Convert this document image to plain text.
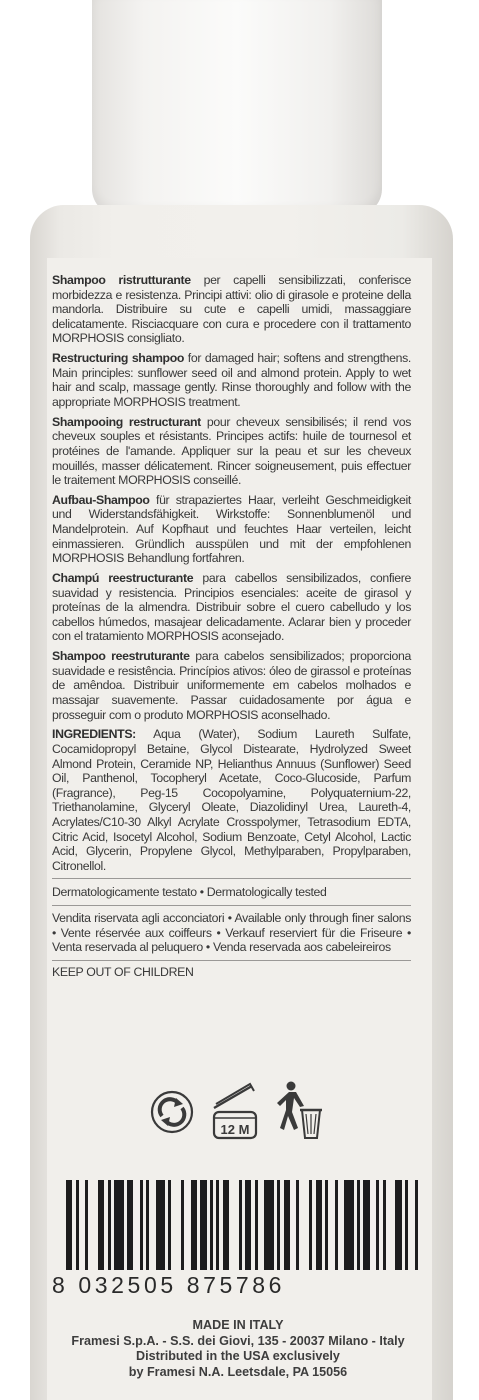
Shampoo ristrutturante per capelli sensibilizzati, conferisce morbidezza e resistenza. Principi attivi: olio di girasole e proteine della mandorla. Distribuire su cute e capelli umidi, massaggiare delicatamente. Risciacquare con cura e procedere con il trattamento MORPHOSIS consigliato.

Restructuring shampoo for damaged hair; softens and strengthens. Main principles: sunflower seed oil and almond protein. Apply to wet hair and scalp, massage gently. Rinse thoroughly and follow with the appropriate MORPHOSIS treatment.

Shampooing restructurant pour cheveux sensibilisés; il rend vos cheveux souples et résistants. Principes actifs: huile de tournesol et protéines de l'amande. Appliquer sur la peau et sur les cheveux mouillés, masser délicatement. Rincer soigneusement, puis effectuer le traitement MORPHOSIS conseillé.

Aufbau-Shampoo für strapaziertes Haar, verleiht Geschmeidigkeit und Widerstandsfähigkeit. Wirkstoffe: Sonnenblumenöl und Mandelprotein. Auf Kopfhaut und feuchtes Haar verteilen, leicht einmassieren. Gründlich ausspülen und mit der empfohlenen MORPHOSIS Behandlung fortfahren.

Champú reestructurante para cabellos sensibilizados, confiere suavidad y resistencia. Principios esenciales: aceite de girasol y proteínas de la almendra. Distribuir sobre el cuero cabelludo y los cabellos húmedos, masajear delicadamente. Aclarar bien y proceder con el tratamiento MORPHOSIS aconsejado.

Shampoo reestruturante para cabelos sensibilizados; proporciona suavidade e resistência. Princípios ativos: óleo de girassol e proteínas de amêndoa. Distribuir uniformemente em cabelos molhados e massajar suavemente. Passar cuidadosamente por água e prosseguir com o produto MORPHOSIS aconselhado.

INGREDIENTS: Aqua (Water), Sodium Laureth Sulfate, Cocamidopropyl Betaine, Glycol Distearate, Hydrolyzed Sweet Almond Protein, Ceramide NP, Helianthus Annuus (Sunflower) Seed Oil, Panthenol, Tocopheryl Acetate, Coco-Glucoside, Parfum (Fragrance), Peg-15 Cocopolyamine, Polyquaternium-22, Triethanolamine, Glyceryl Oleate, Diazolidinyl Urea, Laureth-4, Acrylates/C10-30 Alkyl Acrylate Crosspolymer, Tetrasodium EDTA, Citric Acid, Isocetyl Alcohol, Sodium Benzoate, Cetyl Alcohol, Lactic Acid, Glycerin, Propylene Glycol, Methylparaben, Propylparaben, Citronellol.

Dermatologicamente testato • Dermatologically tested

Vendita riservata agli acconciatori • Available only through finer salons • Vente réservée aux coiffeurs • Verkauf reserviert für die Friseure • Venta reservada al peluquero • Venda reservada aos cabeleireiros

KEEP OUT OF CHILDREN
12 M
8 032505 875786
MADE IN ITALY
Framesi S.p.A. - S.S. dei Giovi, 135 - 20037 Milano - Italy
Distributed in the USA exclusively
by Framesi N.A. Leetsdale, PA 15056
